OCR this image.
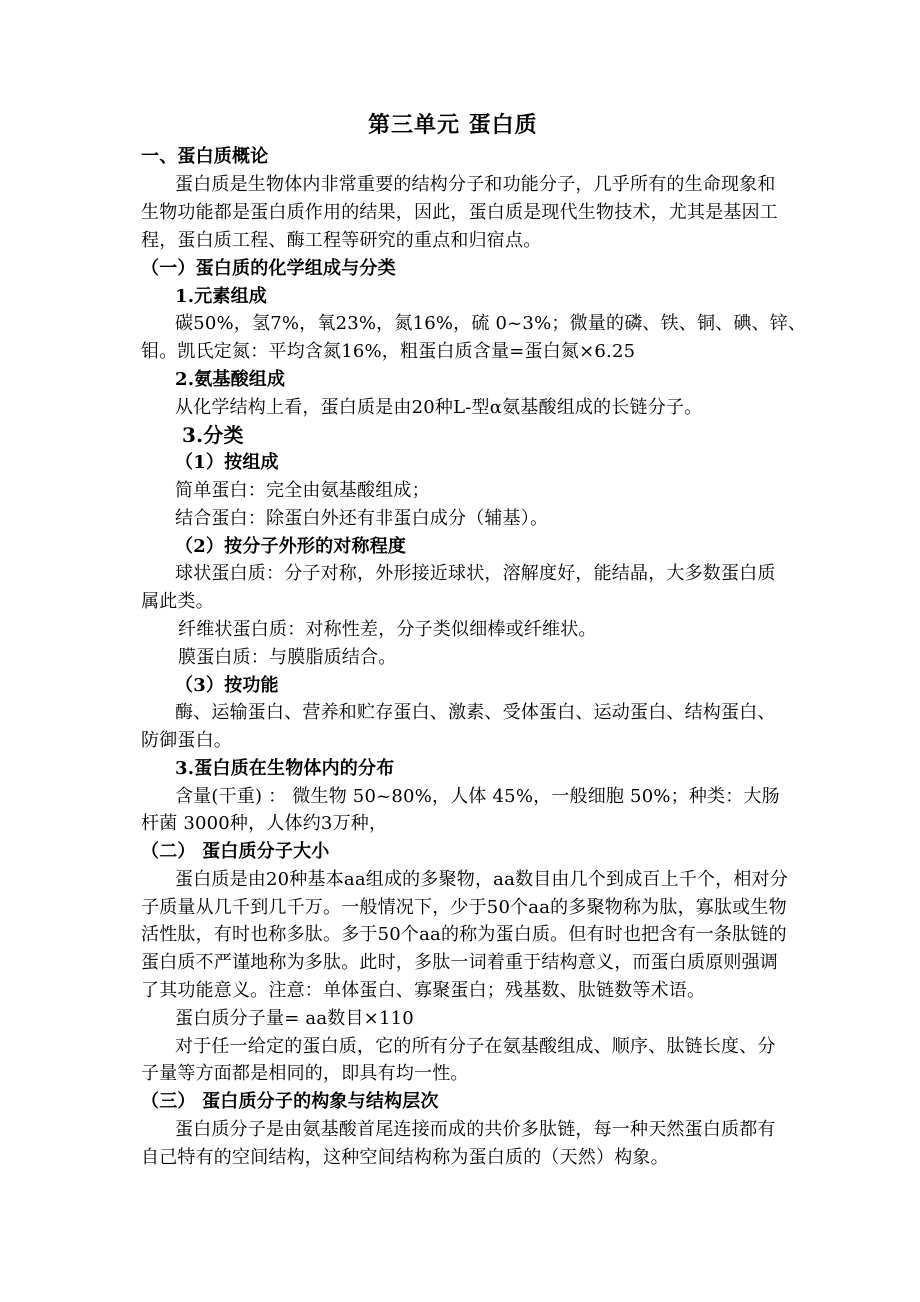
第三单元 蛋白质
一、蛋白质概论
蛋白质是生物体内非常重要的结构分子和功能分子，几乎所有的生命现象和
生物功能都是蛋白质作用的结果，因此，蛋白质是现代生物技术，尤其是基因工
程，蛋白质工程、酶工程等研究的重点和归宿点。
（一）蛋白质的化学组成与分类
1.元素组成
碳50%，氢7%，氧23%，氮16%，硫 0~3%；微量的磷、铁、铜、碘、锌、
钼。凯氏定氮：平均含氮16%，粗蛋白质含量=蛋白氮×6.25
2.氨基酸组成
从化学结构上看，蛋白质是由20种L-型α氨基酸组成的长链分子。
3.分类
（1）按组成
简单蛋白：完全由氨基酸组成；
结合蛋白：除蛋白外还有非蛋白成分（辅基）。
（2）按分子外形的对称程度
球状蛋白质：分子对称，外形接近球状，溶解度好，能结晶，大多数蛋白质
属此类。
纤维状蛋白质：对称性差，分子类似细棒或纤维状。
膜蛋白质：与膜脂质结合。
（3）按功能
酶、运输蛋白、营养和贮存蛋白、激素、受体蛋白、运动蛋白、结构蛋白、
防御蛋白。
3.蛋白质在生物体内的分布
含量(干重) ： 微生物 50~80%，人体 45%，一般细胞 50%；种类：大肠
杆菌 3000种，人体约3万种，
（二） 蛋白质分子大小
蛋白质是由20种基本aa组成的多聚物，aa数目由几个到成百上千个，相对分
子质量从几千到几千万。一般情况下，少于50个aa的多聚物称为肽，寡肽或生物
活性肽，有时也称多肽。多于50个aa的称为蛋白质。但有时也把含有一条肽链的
蛋白质不严谨地称为多肽。此时，多肽一词着重于结构意义，而蛋白质原则强调
了其功能意义。注意：单体蛋白、寡聚蛋白；残基数、肽链数等术语。
蛋白质分子量= aa数目×110
对于任一给定的蛋白质，它的所有分子在氨基酸组成、顺序、肽链长度、分
子量等方面都是相同的，即具有均一性。
（三） 蛋白质分子的构象与结构层次
蛋白质分子是由氨基酸首尾连接而成的共价多肽链，每一种天然蛋白质都有
自己特有的空间结构，这种空间结构称为蛋白质的（天然）构象。
